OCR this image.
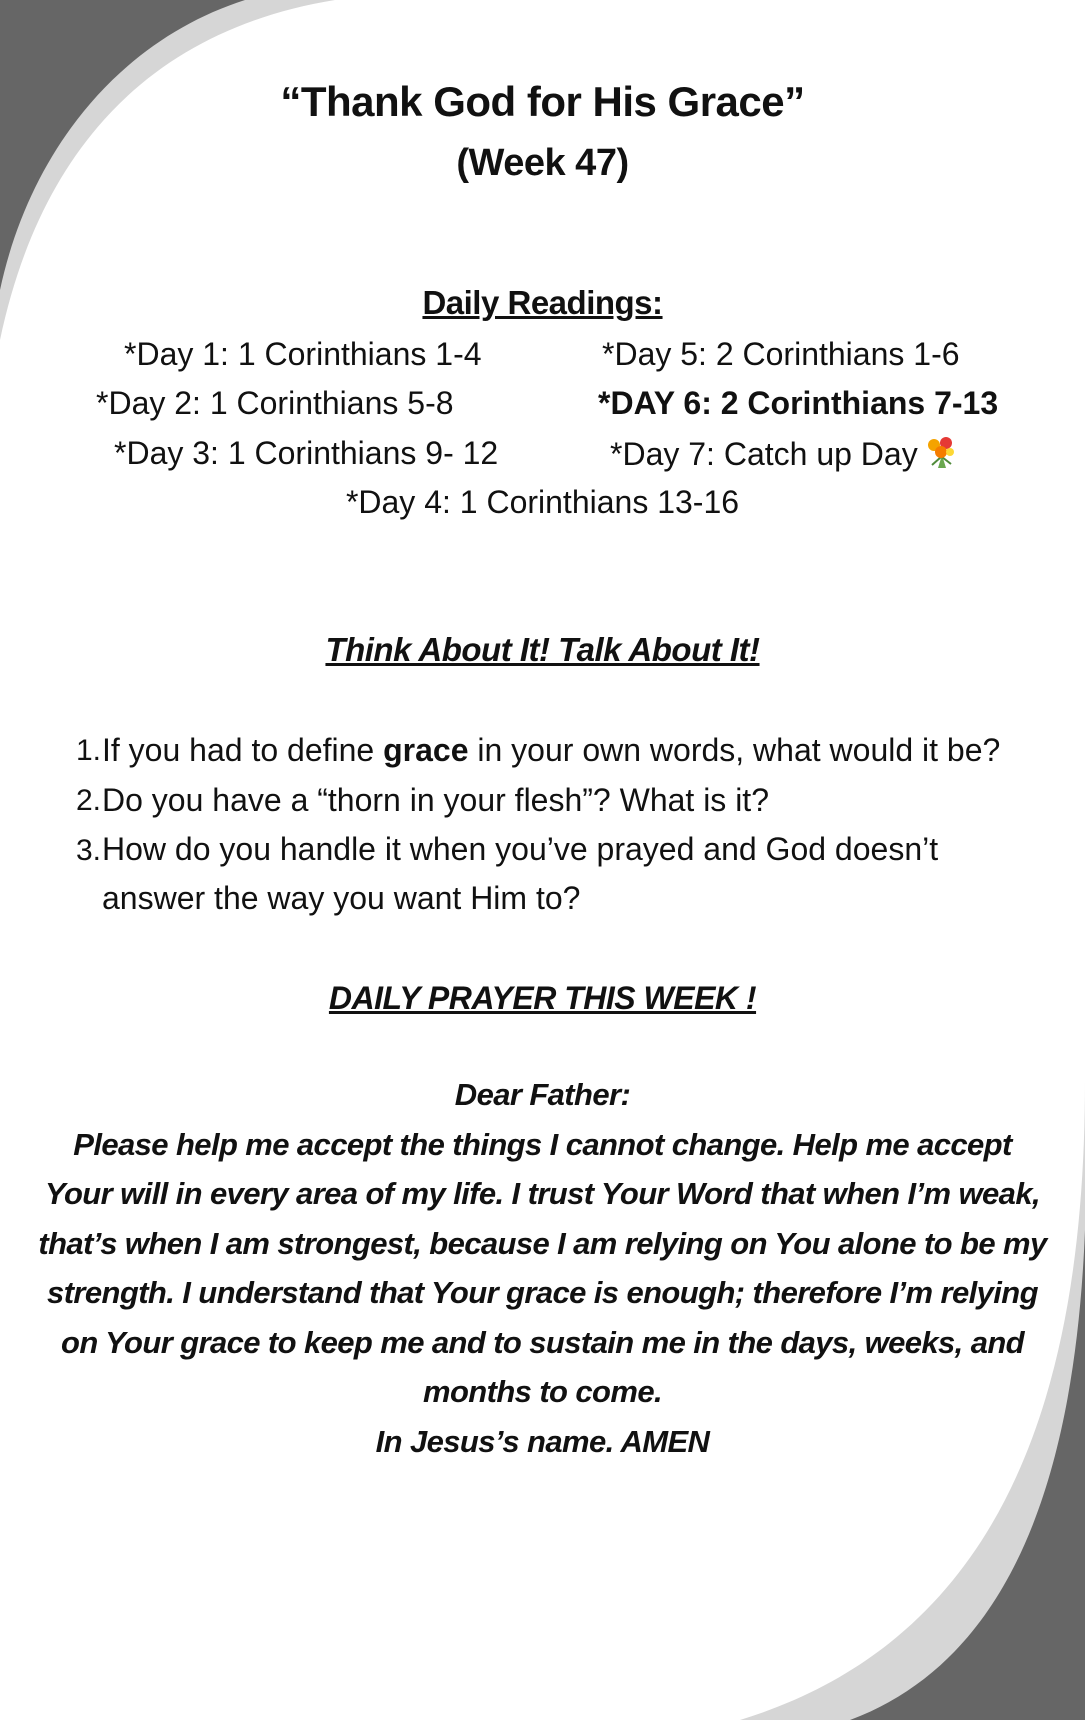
“Thank God for His Grace”
(Week 47)
Daily Readings:
*Day 1: 1 Corinthians 1-4
*Day 2: 1 Corinthians 5-8
*Day 3: 1 Corinthians 9- 12
*Day 4: 1 Corinthians 13-16
*Day 5: 2 Corinthians 1-6
*DAY 6: 2 Corinthians 7-13
*Day 7: Catch up Day
Think About It! Talk About It!
1. If you had to define grace in your own words, what would it be?
2. Do you have a “thorn in your flesh”? What is it?
3. How do you handle it when you’ve prayed and God doesn’t
answer the way you want Him to?
DAILY PRAYER THIS WEEK !
Dear Father:
Please help me accept the things I cannot change. Help me accept
Your will in every area of my life. I trust Your Word that when I’m weak,
that’s when I am strongest, because I am relying on You alone to be my
strength. I understand that Your grace is enough; therefore I’m relying
on Your grace to keep me and to sustain me in the days, weeks, and
months to come.
In Jesus’s name. AMEN
